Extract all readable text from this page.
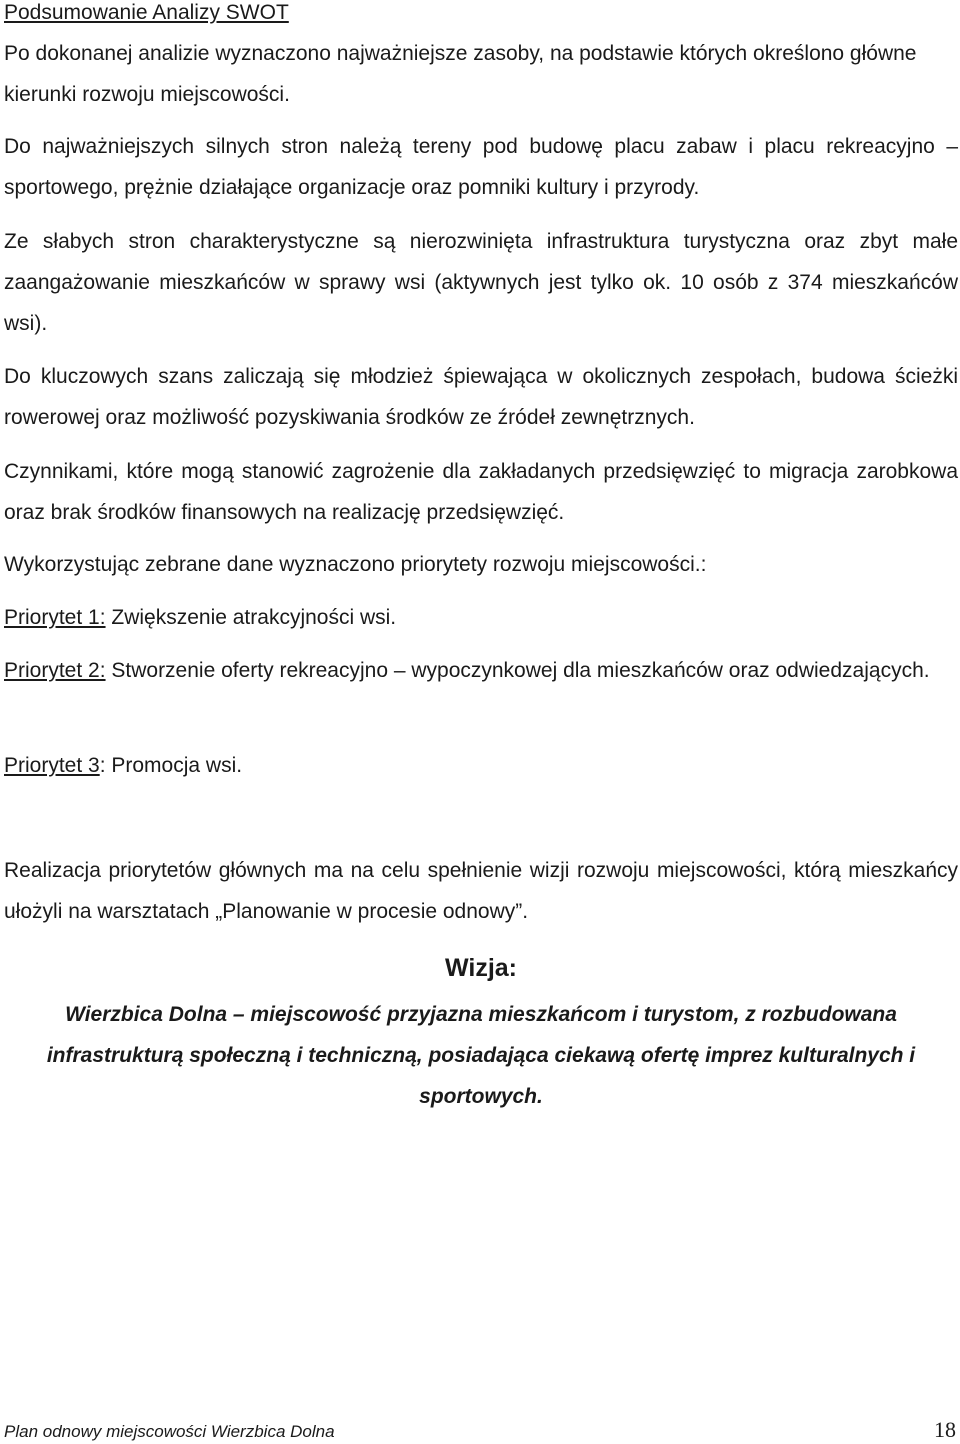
Podsumowanie Analizy SWOT

Po dokonanej analizie wyznaczono najważniejsze zasoby, na podstawie których określono główne kierunki rozwoju miejscowości.

Do najważniejszych silnych stron należą tereny pod budowę placu zabaw i placu rekreacyjno – sportowego, prężnie działające organizacje oraz pomniki kultury i przyrody.

Ze słabych stron charakterystyczne są nierozwinięta infrastruktura turystyczna oraz zbyt małe zaangażowanie mieszkańców w sprawy wsi (aktywnych jest tylko ok. 10 osób z 374 mieszkańców wsi).

Do kluczowych szans zaliczają się młodzież śpiewająca w okolicznych zespołach, budowa ścieżki rowerowej oraz możliwość pozyskiwania środków ze źródeł zewnętrznych.

Czynnikami, które mogą stanowić zagrożenie dla zakładanych przedsięwzięć to migracja zarobkowa oraz brak środków finansowych na realizację przedsięwzięć.

Wykorzystując zebrane dane wyznaczono priorytety rozwoju miejscowości.:

Priorytet 1: Zwiększenie atrakcyjności wsi.

Priorytet 2: Stworzenie oferty rekreacyjno – wypoczynkowej dla mieszkańców oraz odwiedzających.

Priorytet 3: Promocja wsi.

Realizacja priorytetów głównych ma na celu spełnienie wizji rozwoju miejscowości, którą mieszkańcy ułożyli na warsztatach „Planowanie w procesie odnowy”.

Wizja:
Wierzbica Dolna – miejscowość przyjazna mieszkańcom i turystom, z rozbudowana infrastrukturą społeczną i techniczną, posiadająca ciekawą ofertę imprez kulturalnych i sportowych.
Plan odnowy miejscowości Wierzbica Dolna	18
